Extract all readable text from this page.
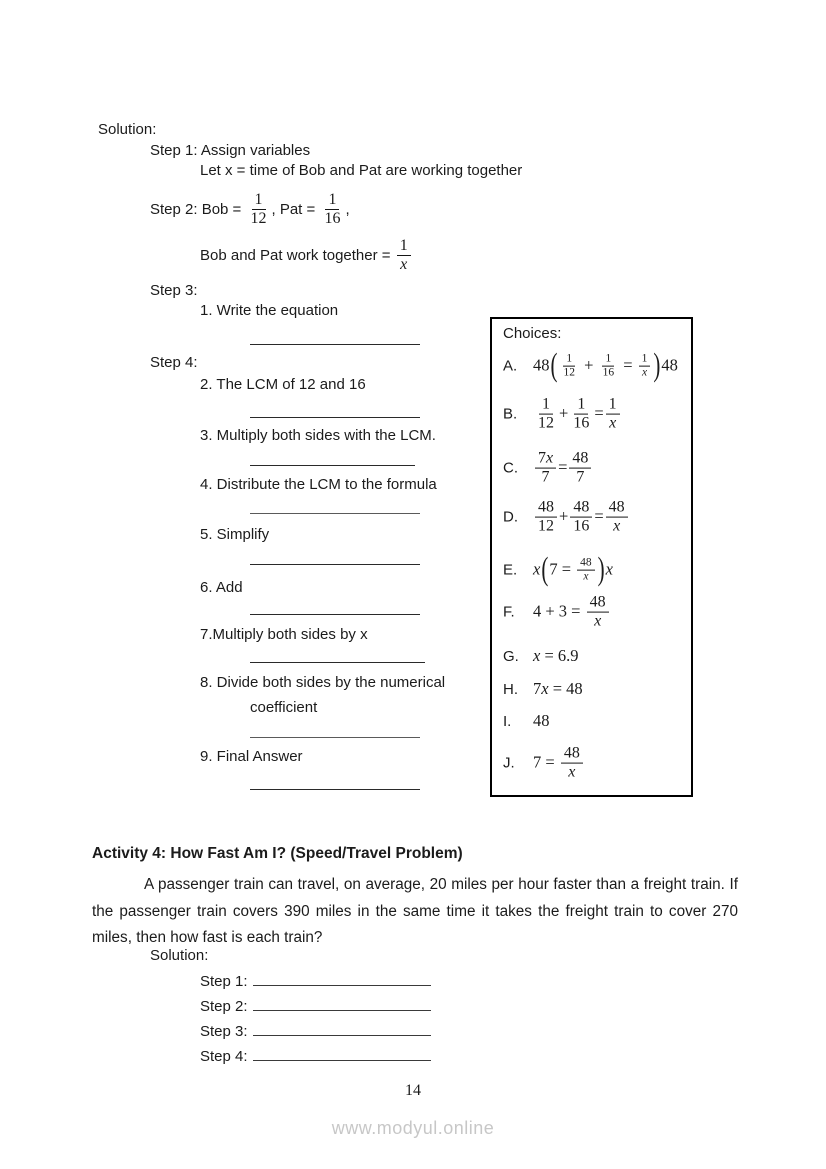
Solution:
Step 1: Assign variables
Let x = time of Bob and Pat are working together
Step 2: Bob = $\frac{1}{12}$ , Pat = $\frac{1}{16}$ ,
Bob and Pat work together = $\frac{1}{x}$
Step 3:
1. Write the equation
Step 4:
2. The LCM of 12 and 16
3. Multiply both sides with the LCM.
4. Distribute the LCM to the formula
5. Simplify
6. Add
7.Multiply both sides by x
8. Divide both sides by the numerical
coefficient
9. Final Answer
Choices:
A. 48 ( $\frac{1}{12} + \frac{1}{16} = \frac{1}{x}$ ) 48
B.	$\frac{1}{12} + \frac{1}{16} = \frac{1}{x}$
C.	$\frac{7x}{7} = \frac{48}{7}$
D.	$\frac{48}{12} + \frac{48}{16} = \frac{48}{x}$
E. x ( $7 = \frac{48}{x}$ ) x
F.	$4 + 3 = \frac{48}{x}$
G. x = 6.9
H. 7x = 48
I.	48
J.	$7 = \frac{48}{x}$
Activity 4: How Fast Am I? (Speed/Travel Problem)
A passenger train can travel, on average, 20 miles per hour faster than a freight train. If the passenger train covers 390 miles in the same time it takes the freight train to cover 270 miles, then how fast is each train?
Solution:
Step 1:
Step 2:
Step 3:
Step 4:
14
www.modyul.online
